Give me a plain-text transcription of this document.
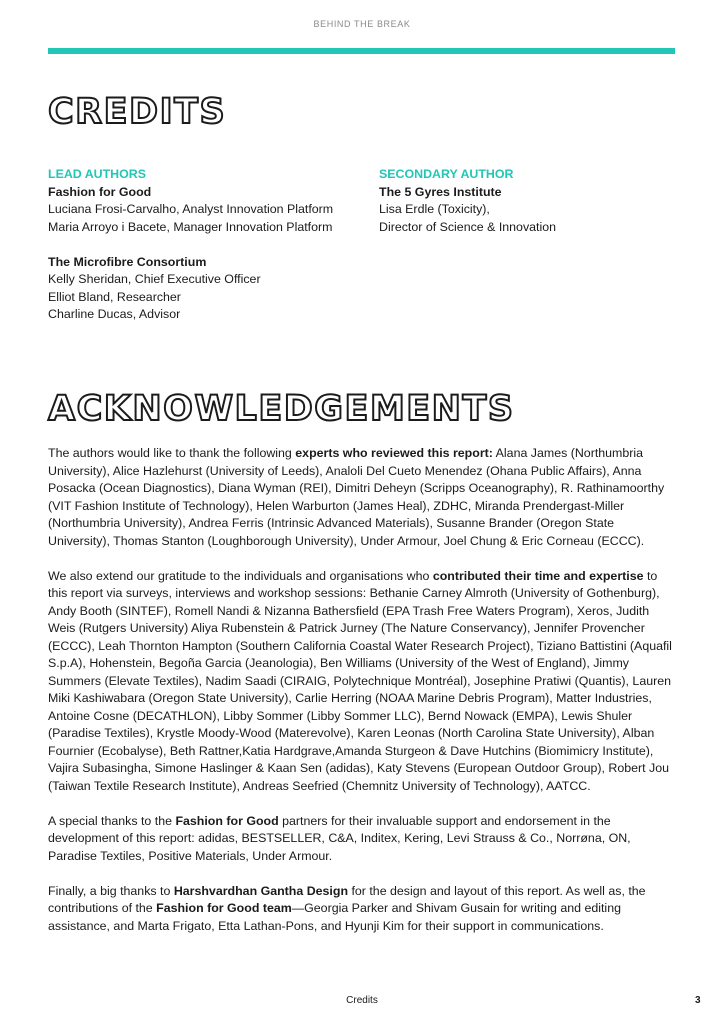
BEHIND THE BREAK
CREDITS
LEAD AUTHORS
Fashion for Good
Luciana Frosi-Carvalho, Analyst Innovation Platform
Maria Arroyo i Bacete, Manager Innovation Platform
The Microfibre Consortium
Kelly Sheridan, Chief Executive Officer
Elliot Bland, Researcher
Charline Ducas, Advisor
SECONDARY AUTHOR
The 5 Gyres Institute
Lisa Erdle (Toxicity),
Director of Science & Innovation
ACKNOWLEDGEMENTS

The authors would like to thank the following experts who reviewed this report: Alana James (Northumbria University), Alice Hazlehurst (University of Leeds), Analoli Del Cueto Menendez (Ohana Public Affairs), Anna Posacka (Ocean Diagnostics), Diana Wyman (REI), Dimitri Deheyn (Scripps Oceanography), R. Rathinamoorthy (VIT Fashion Institute of Technology), Helen Warburton (James Heal), ZDHC, Miranda Prendergast-Miller (Northumbria University), Andrea Ferris (Intrinsic Advanced Materials), Susanne Brander (Oregon State University), Thomas Stanton (Loughborough University), Under Armour, Joel Chung & Eric Corneau (ECCC).

We also extend our gratitude to the individuals and organisations who contributed their time and expertise to this report via surveys, interviews and workshop sessions: Bethanie Carney Almroth (University of Gothenburg), Andy Booth (SINTEF), Romell Nandi & Nizanna Bathersfield (EPA Trash Free Waters Program), Xeros, Judith Weis (Rutgers University) Aliya Rubenstein & Patrick Jurney (The Nature Conservancy), Jennifer Provencher (ECCC), Leah Thornton Hampton (Southern California Coastal Water Research Project), Tiziano Battistini (Aquafil S.p.A), Hohenstein, Begoña Garcia (Jeanologia), Ben Williams (University of the West of England), Jimmy Summers (Elevate Textiles), Nadim Saadi (CIRAIG, Polytechnique Montréal), Josephine Pratiwi (Quantis), Lauren Miki Kashiwabara (Oregon State University), Carlie Herring (NOAA Marine Debris Program), Matter Industries, Antoine Cosne (DECATHLON), Libby Sommer (Libby Sommer LLC), Bernd Nowack (EMPA), Lewis Shuler (Paradise Textiles), Krystle Moody-Wood (Materevolve), Karen Leonas (North Carolina State University), Alban Fournier (Ecobalyse), Beth Rattner,Katia Hardgrave,Amanda Sturgeon & Dave Hutchins (Biomimicry Institute), Vajira Subasingha, Simone Haslinger & Kaan Sen (adidas), Katy Stevens (European Outdoor Group), Robert Jou (Taiwan Textile Research Institute), Andreas Seefried (Chemnitz University of Technology), AATCC.

A special thanks to the Fashion for Good partners for their invaluable support and endorsement in the development of this report: adidas, BESTSELLER, C&A, Inditex, Kering, Levi Strauss & Co., Norrøna, ON, Paradise Textiles, Positive Materials, Under Armour.

Finally, a big thanks to Harshvardhan Gantha Design for the design and layout of this report. As well as, the contributions of the Fashion for Good team—Georgia Parker and Shivam Gusain for writing and editing assistance, and Marta Frigato, Etta Lathan-Pons, and Hyunji Kim for their support in communications.

Credits	3
